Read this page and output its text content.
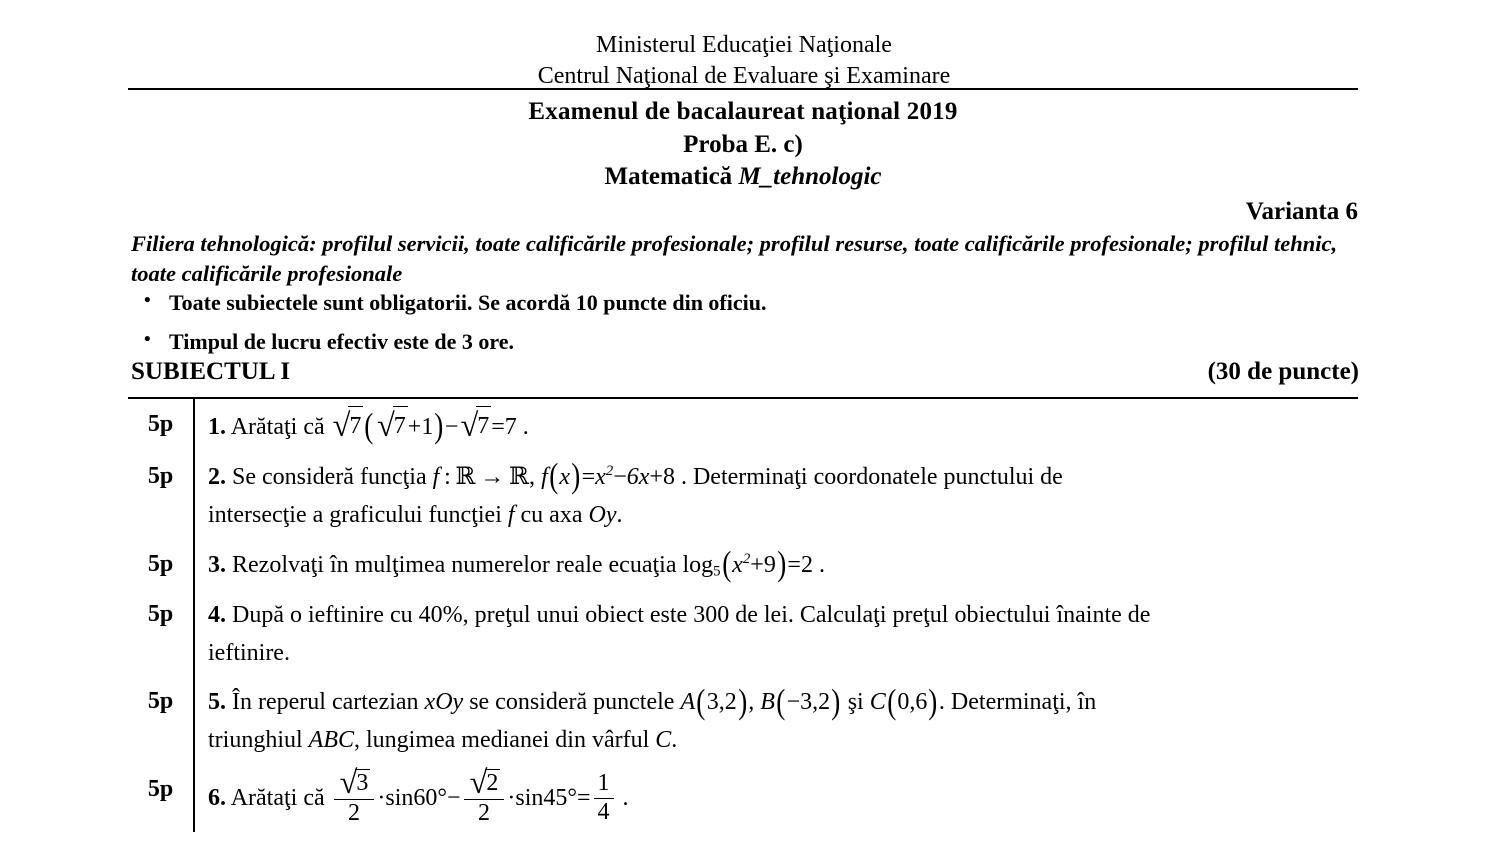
Ministerul Educaţiei Naţionale
Centrul Naţional de Evaluare şi Examinare
Examenul de bacalaureat naţional 2019
Proba E. c)
Matematică M_tehnologic
Varianta 6
Filiera tehnologică: profilul servicii, toate calificările profesionale; profilul resurse, toate calificările profesionale; profilul tehnic, toate calificările profesionale
• Toate subiectele sunt obligatorii. Se acordă 10 puncte din oficiu.
• Timpul de lucru efectiv este de 3 ore.
SUBIECTUL I	(30 de puncte)
5p	1. Arătaţi că √7( √7+1)−√7=7 .

5p	2. Se consideră funcţia f : ℝ → ℝ, $f(x)=x^2-6x+8$ . Determinaţi coordonatele punctului de

intersecţie a graficului funcţiei f cu axa Oy.

5p	3. Rezolvaţi în mulţimea numerelor reale ecuaţia $\log_5(x^2+9)=2$ .

5p	4. După o ieftinire cu 40%, preţul unui obiect este 300 de lei. Calculaţi preţul obiectului înainte de

ieftinire.

5p	5. În reperul cartezian xOy se consideră punctele A(3,2), B(−3,2) şi C(0,6). Determinaţi, în

triunghiul ABC, lungimea medianei din vârful C.

5p	6. Arătaţi că $\frac{√3}{2} \cdot\sin 60^\circ- \frac{√2}{2} \cdot\sin 45^\circ= \frac{1}{4}$ .
